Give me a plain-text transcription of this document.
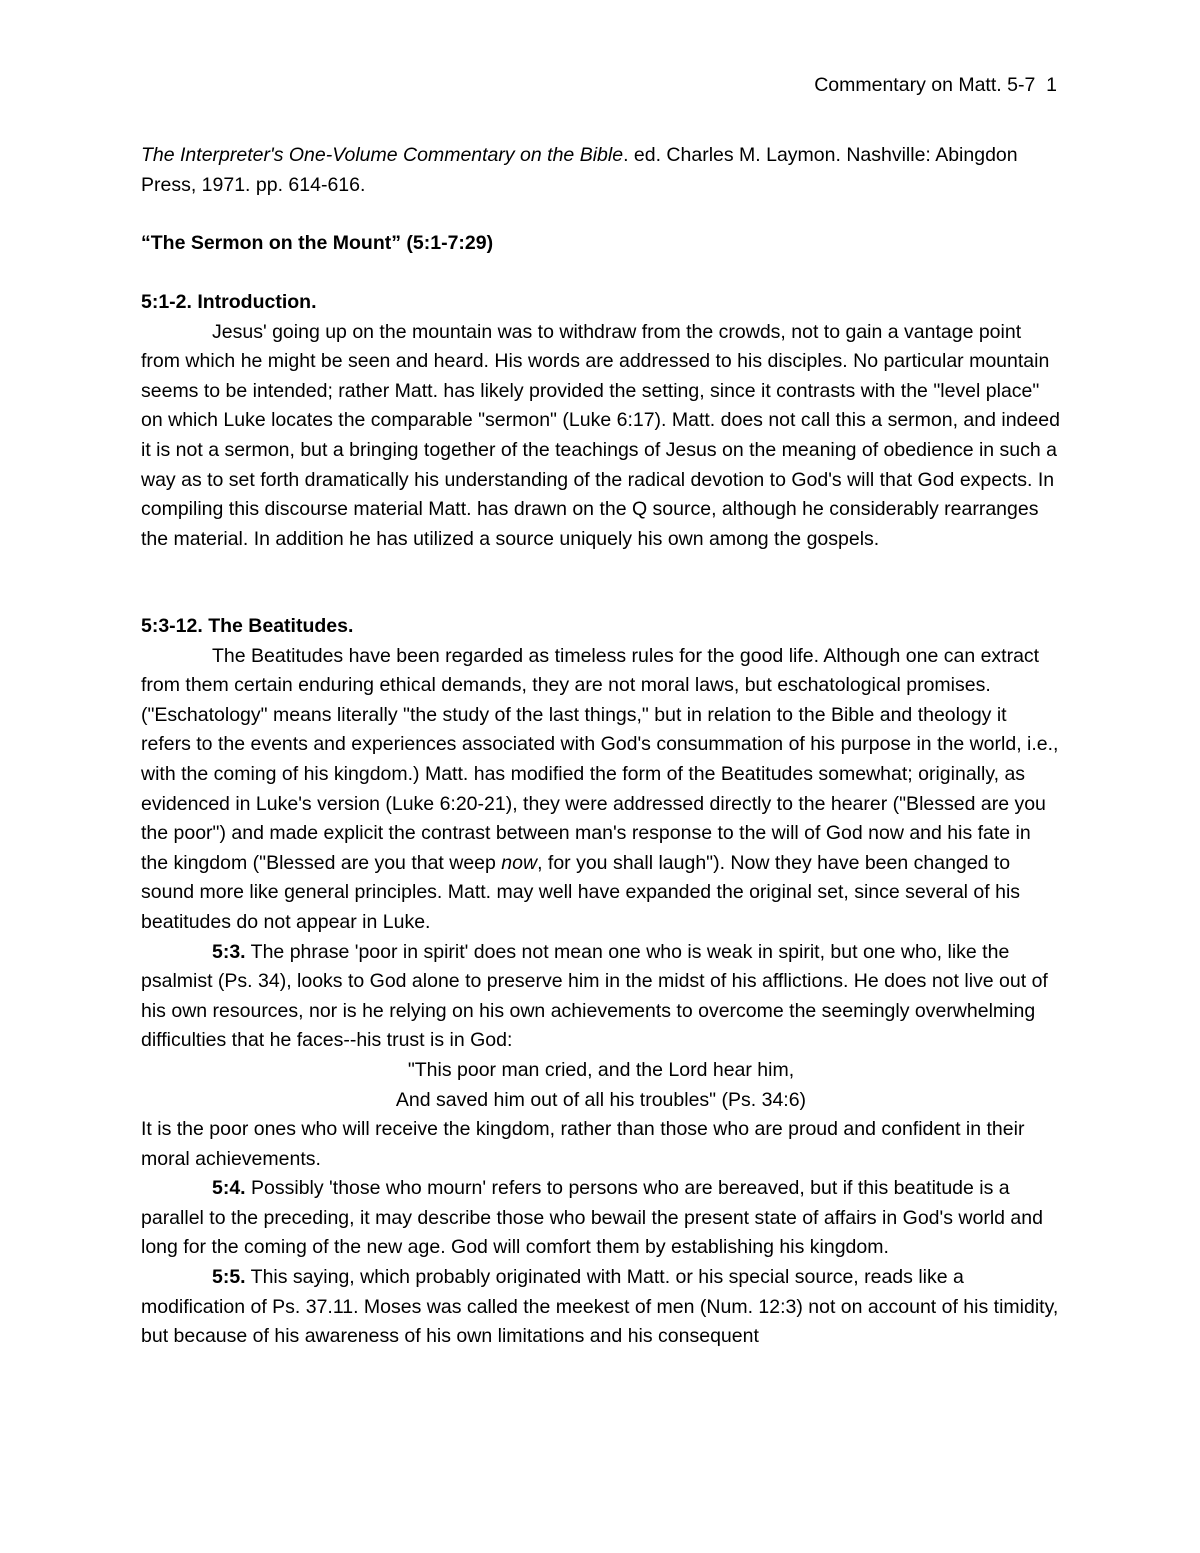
Commentary on Matt. 5-7 1

The Interpreter's One-Volume Commentary on the Bible. ed. Charles M. Laymon. Nashville: Abingdon Press, 1971. pp. 614-616.

“The Sermon on the Mount” (5:1-7:29)

5:1-2. Introduction.

Jesus' going up on the mountain was to withdraw from the crowds, not to gain a vantage point from which he might be seen and heard. His words are addressed to his disciples. No particular mountain seems to be intended; rather Matt. has likely provided the setting, since it contrasts with the "level place" on which Luke locates the comparable "sermon" (Luke 6:17). Matt. does not call this a sermon, and indeed it is not a sermon, but a bringing together of the teachings of Jesus on the meaning of obedience in such a way as to set forth dramatically his understanding of the radical devotion to God's will that God expects. In compiling this discourse material Matt. has drawn on the Q source, although he considerably rearranges the material. In addition he has utilized a source uniquely his own among the gospels.

5:3-12. The Beatitudes.

The Beatitudes have been regarded as timeless rules for the good life. Although one can extract from them certain enduring ethical demands, they are not moral laws, but eschatological promises. ("Eschatology" means literally "the study of the last things," but in relation to the Bible and theology it refers to the events and experiences associated with God's consummation of his purpose in the world, i.e., with the coming of his kingdom.) Matt. has modified the form of the Beatitudes somewhat; originally, as evidenced in Luke's version (Luke 6:20-21), they were addressed directly to the hearer ("Blessed are you the poor") and made explicit the contrast between man's response to the will of God now and his fate in the kingdom ("Blessed are you that weep now, for you shall laugh"). Now they have been changed to sound more like general principles. Matt. may well have expanded the original set, since several of his beatitudes do not appear in Luke.

5:3. The phrase 'poor in spirit' does not mean one who is weak in spirit, but one who, like the psalmist (Ps. 34), looks to God alone to preserve him in the midst of his afflictions. He does not live out of his own resources, nor is he relying on his own achievements to overcome the seemingly overwhelming difficulties that he faces--his trust is in God:

"This poor man cried, and the Lord hear him,

And saved him out of all his troubles" (Ps. 34:6)

It is the poor ones who will receive the kingdom, rather than those who are proud and confident in their moral achievements.

5:4. Possibly 'those who mourn' refers to persons who are bereaved, but if this beatitude is a parallel to the preceding, it may describe those who bewail the present state of affairs in God's world and long for the coming of the new age. God will comfort them by establishing his kingdom.

5:5. This saying, which probably originated with Matt. or his special source, reads like a modification of Ps. 37.11. Moses was called the meekest of men (Num. 12:3) not on account of his timidity, but because of his awareness of his own limitations and his consequent
